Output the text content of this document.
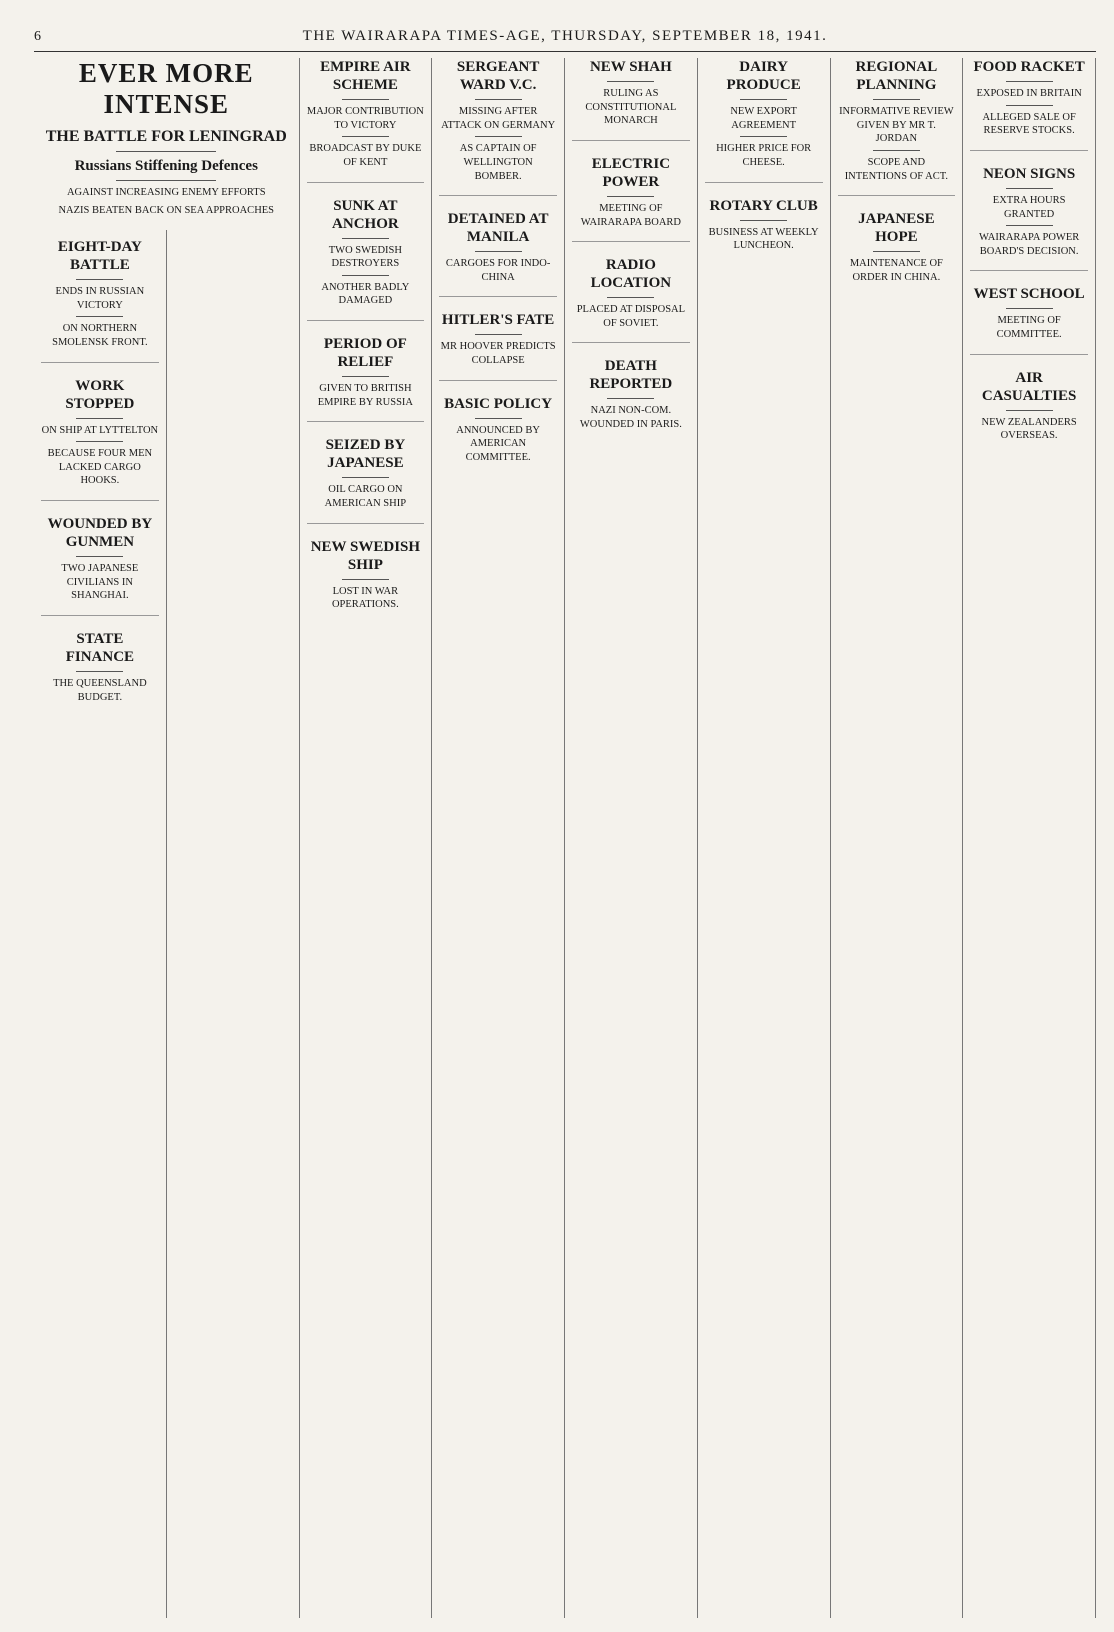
6	THE WAIRARAPA TIMES-AGE, THURSDAY, SEPTEMBER 18, 1941.
EIGHT-DAY BATTLE
ENDS IN RUSSIAN VICTORY
ON NORTHERN SMOLENSK FRONT.
WORK STOPPED
ON SHIP AT LYTTELTON
BECAUSE FOUR MEN LACKED CARGO HOOKS.
WOUNDED BY GUNMEN
TWO JAPANESE CIVILIANS IN SHANGHAI.
STATE FINANCE
THE QUEENSLAND BUDGET.
EMPIRE AIR SCHEME
MAJOR CONTRIBUTION TO VICTORY
BROADCAST BY DUKE OF KENT
SUNK AT ANCHOR
TWO SWEDISH DESTROYERS
ANOTHER BADLY DAMAGED
PERIOD OF RELIEF
GIVEN TO BRITISH EMPIRE BY RUSSIA
SEIZED BY JAPANESE
OIL CARGO ON AMERICAN SHIP
NEW SWEDISH SHIP
LOST IN WAR OPERATIONS.
SERGEANT WARD V.C.
MISSING AFTER ATTACK ON GERMANY
AS CAPTAIN OF WELLINGTON BOMBER.
DETAINED AT MANILA
CARGOES FOR INDO-CHINA
HITLER'S FATE
MR HOOVER PREDICTS COLLAPSE
BASIC POLICY
ANNOUNCED BY AMERICAN COMMITTEE.
NEW SHAH
RULING AS CONSTITUTIONAL MONARCH
ELECTRIC POWER
MEETING OF WAIRARAPA BOARD
RADIO LOCATION
PLACED AT DISPOSAL OF SOVIET.
DEATH REPORTED
NAZI NON-COM. WOUNDED IN PARIS.
DAIRY PRODUCE
NEW EXPORT AGREEMENT
HIGHER PRICE FOR CHEESE.
ROTARY CLUB
BUSINESS AT WEEKLY LUNCHEON.
REGIONAL PLANNING
INFORMATIVE REVIEW GIVEN BY MR T. JORDAN
SCOPE AND INTENTIONS OF ACT.
JAPANESE HOPE
MAINTENANCE OF ORDER IN CHINA.
FOOD RACKET
EXPOSED IN BRITAIN
ALLEGED SALE OF RESERVE STOCKS.
NEON SIGNS
EXTRA HOURS GRANTED
WAIRARAPA POWER BOARD'S DECISION.
WEST SCHOOL
MEETING OF COMMITTEE.
AIR CASUALTIES
NEW ZEALANDERS OVERSEAS.
EVER MORE INTENSE
THE BATTLE FOR LENINGRAD
Russians Stiffening Defences
AGAINST INCREASING ENEMY EFFORTS
NAZIS BEATEN BACK ON SEA APPROACHES
